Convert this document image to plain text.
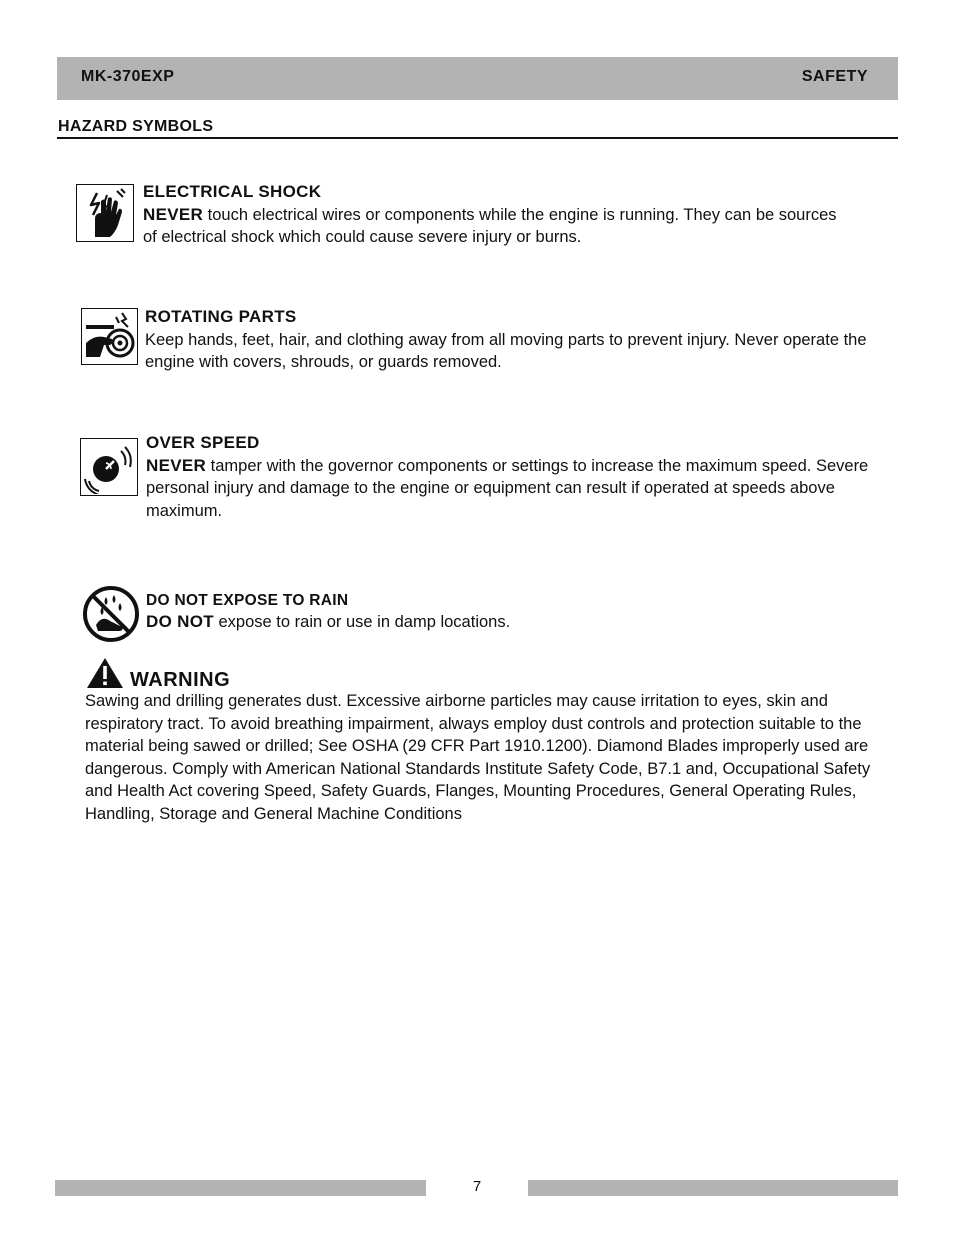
MK-370EXP	SAFETY
HAZARD SYMBOLS
ELECTRICAL SHOCK
NEVER touch electrical wires or components while the engine is running. They can be sources of electrical shock which could cause severe injury or burns.
ROTATING PARTS
Keep hands, feet, hair, and clothing away from all moving parts to prevent injury. Never operate the engine with covers, shrouds, or guards removed.
OVER SPEED
NEVER tamper with the governor components or settings to increase the maximum speed. Severe personal injury and damage to the engine or equipment can result if operated at speeds above maximum.
DO NOT EXPOSE TO RAIN
DO NOT expose to rain or use in damp locations.
WARNING
Sawing and drilling generates dust. Excessive airborne particles may cause irritation to eyes, skin and respiratory tract. To avoid breathing impairment, always employ dust controls and protection suitable to the material being sawed or drilled; See OSHA (29 CFR Part 1910.1200). Diamond Blades improperly used are dangerous. Comply with American National Standards Institute Safety Code, B7.1 and, Occupational Safety and Health Act covering Speed, Safety Guards, Flanges, Mounting Procedures, General Operating Rules, Handling, Storage and General Machine Conditions
7
